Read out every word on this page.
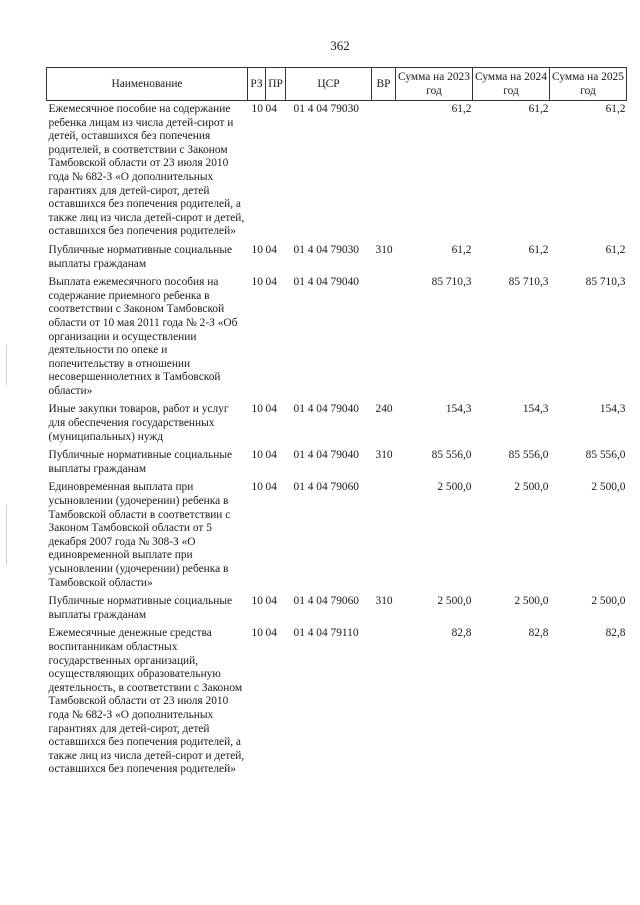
362
Наименование	РЗ	ПР	ЦСР	ВР	Сумма на 2023 год	Сумма на 2024 год	Сумма на 2025 год
Ежемесячное пособие на содержание ребенка лицам из числа детей-сирот и детей, оставшихся без попечения родителей, в соответствии с Законом Тамбовской области от 23 июля 2010 года № 682-З «О дополнительных гарантиях для детей-сирот, детей оставшихся без попечения родителей, а также лиц из числа детей-сирот и детей, оставшихся без попечения родителей»	10	04	01 4 04 79030		61,2	61,2	61,2
Публичные нормативные социальные выплаты гражданам	10	04	01 4 04 79030	310	61,2	61,2	61,2
Выплата ежемесячного пособия на содержание приемного ребенка в соответствии с Законом Тамбовской области от 10 мая 2011 года № 2-З «Об организации и осуществлении деятельности по опеке и попечительству в отношении несовершеннолетних в Тамбовской области»	10	04	01 4 04 79040		85 710,3	85 710,3	85 710,3
Иные закупки товаров, работ и услуг для обеспечения государственных (муниципальных) нужд	10	04	01 4 04 79040	240	154,3	154,3	154,3
Публичные нормативные социальные выплаты гражданам	10	04	01 4 04 79040	310	85 556,0	85 556,0	85 556,0
Единовременная выплата при усыновлении (удочерении) ребенка в Тамбовской области в соответствии с Законом Тамбовской области от 5 декабря 2007 года № 308-З «О единовременной выплате при усыновлении (удочерении) ребенка в Тамбовской области»	10	04	01 4 04 79060		2 500,0	2 500,0	2 500,0
Публичные нормативные социальные выплаты гражданам	10	04	01 4 04 79060	310	2 500,0	2 500,0	2 500,0
Ежемесячные денежные средства воспитанникам областных государственных организаций, осуществляющих образовательную деятельность, в соответствии с Законом Тамбовской области от 23 июля 2010 года № 682-З «О дополнительных гарантиях для детей-сирот, детей оставшихся без попечения родителей, а также лиц из числа детей-сирот и детей, оставшихся без попечения родителей»	10	04	01 4 04 79110		82,8	82,8	82,8
